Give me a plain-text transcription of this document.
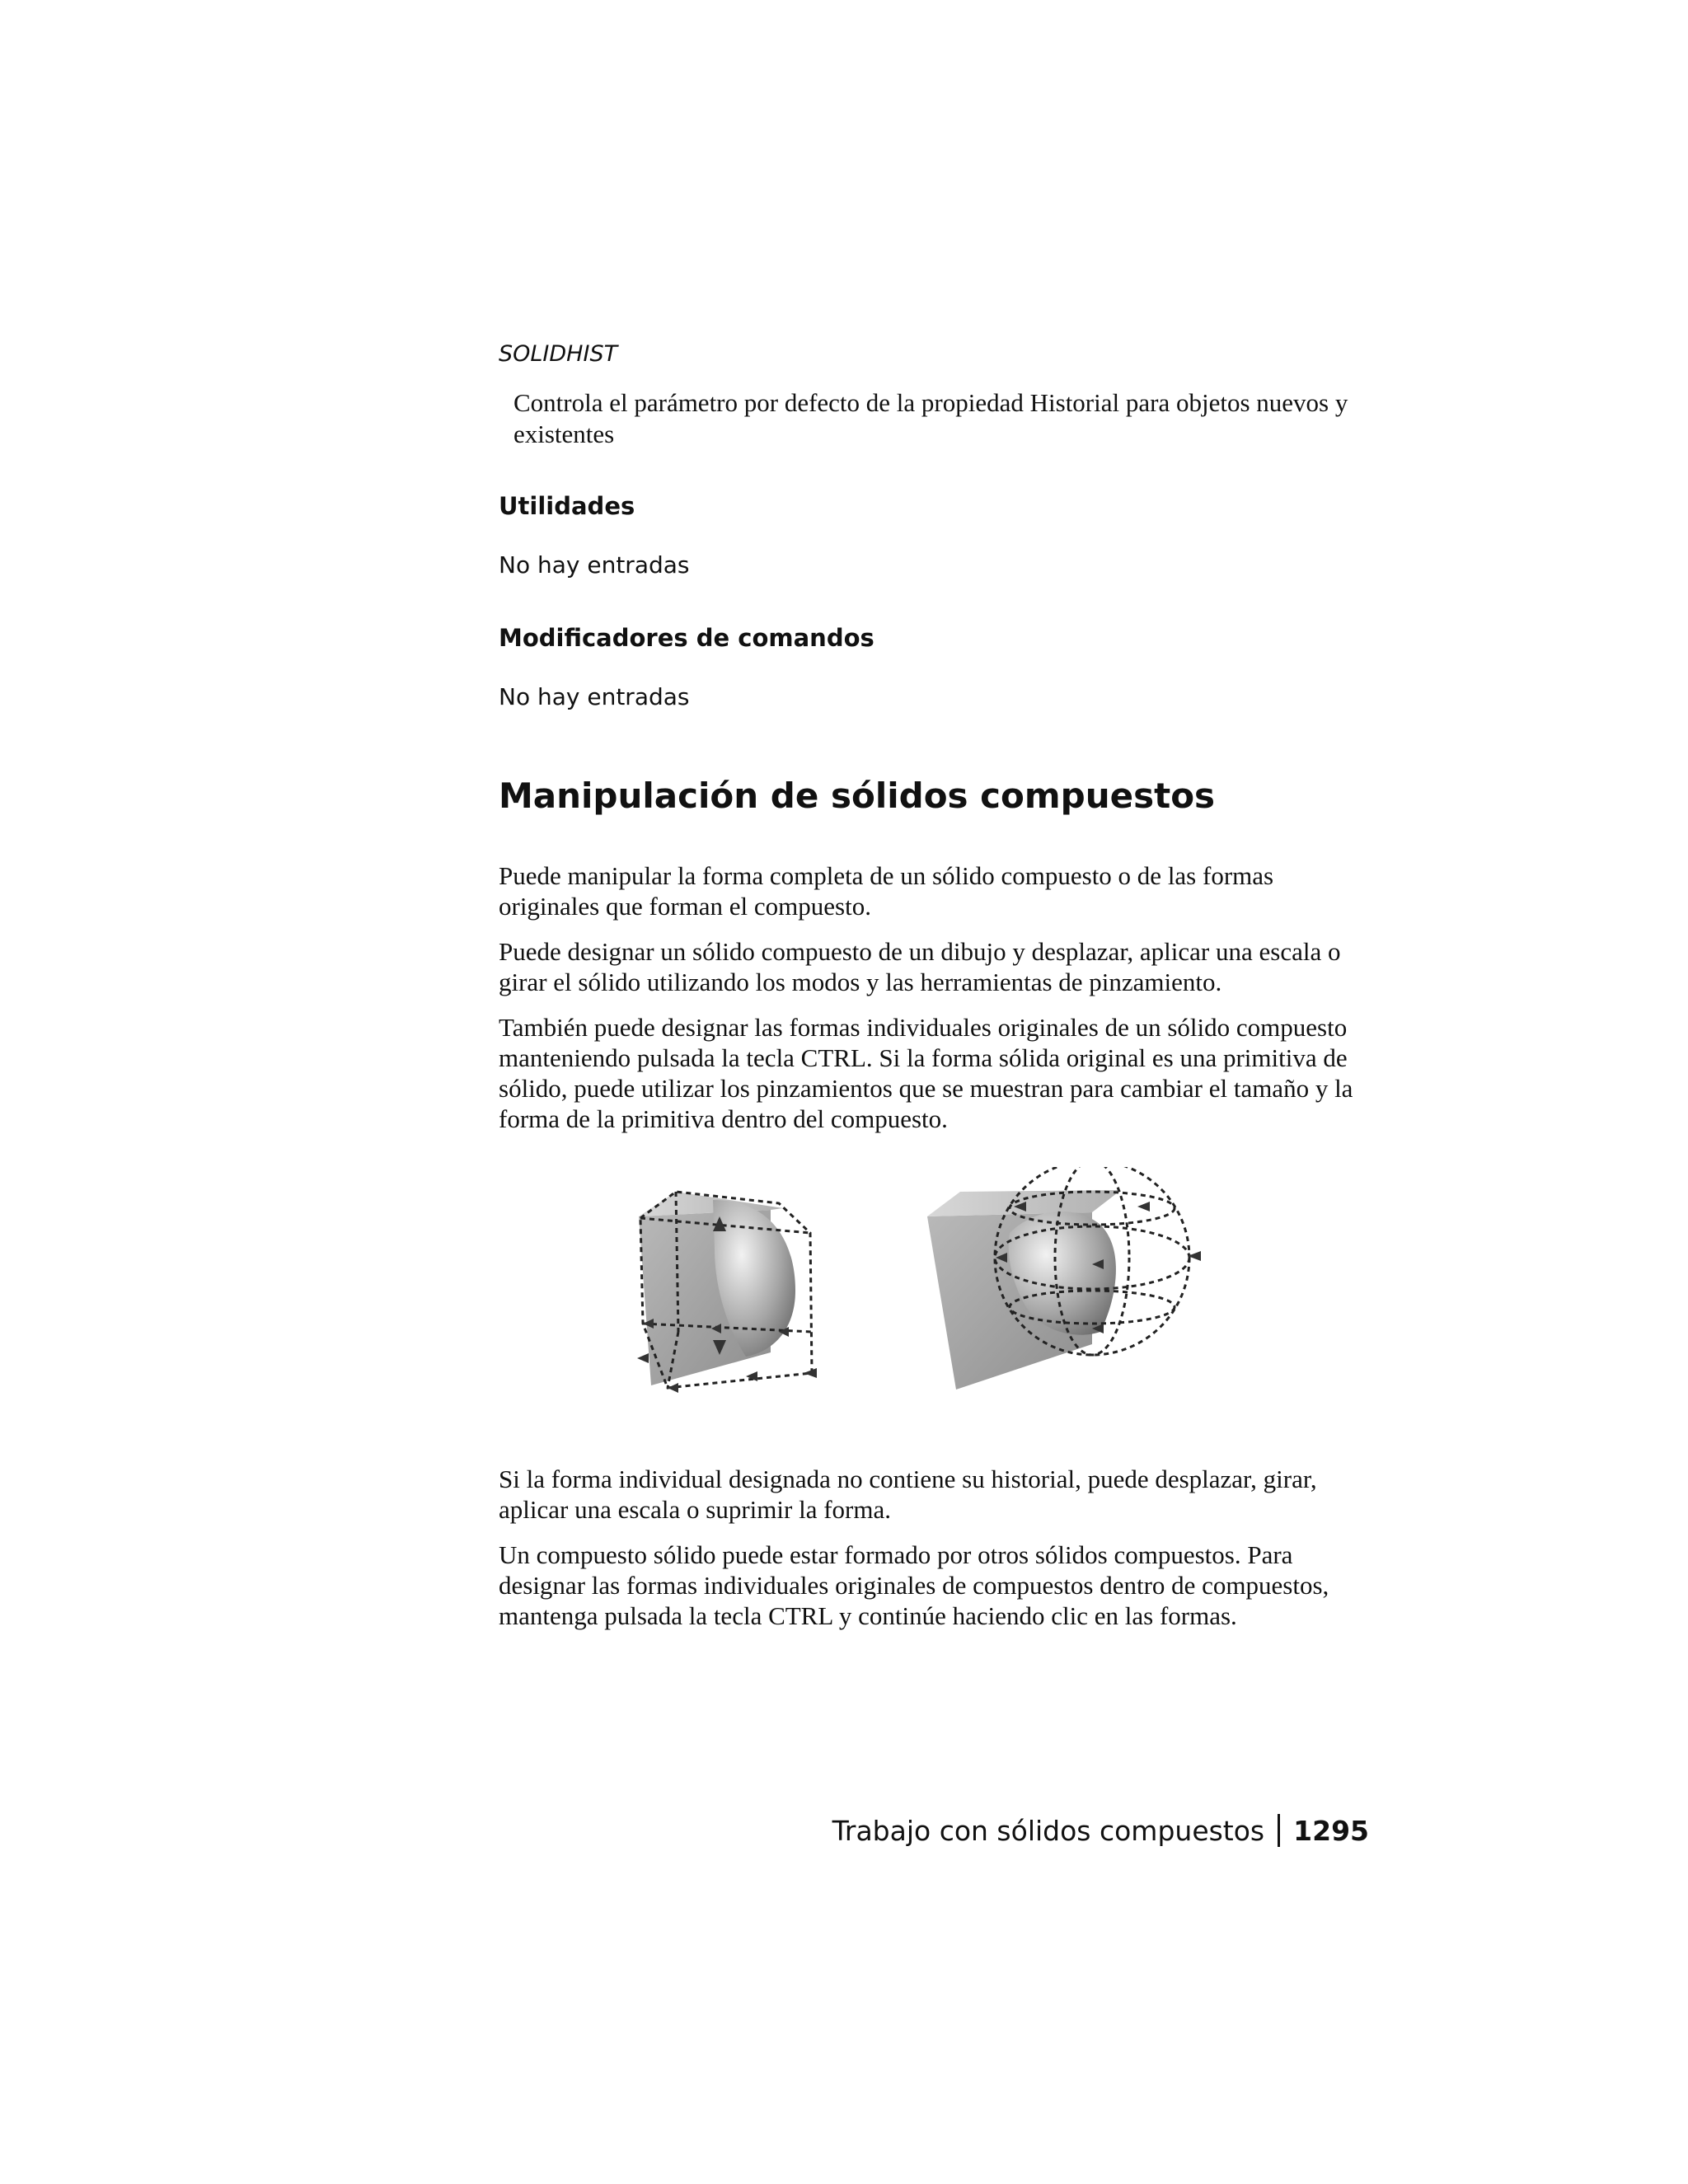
SOLIDHIST

Controla el parámetro por defecto de la propiedad Historial para objetos nuevos y existentes

Utilidades

No hay entradas

Modificadores de comandos

No hay entradas

Manipulación de sólidos compuestos

Puede manipular la forma completa de un sólido compuesto o de las formas originales que forman el compuesto.

Puede designar un sólido compuesto de un dibujo y desplazar, aplicar una escala o girar el sólido utilizando los modos y las herramientas de pinzamiento.

También puede designar las formas individuales originales de un sólido compuesto manteniendo pulsada la tecla CTRL. Si la forma sólida original es una primitiva de sólido, puede utilizar los pinzamientos que se muestran para cambiar el tamaño y la forma de la primitiva dentro del compuesto.

Si la forma individual designada no contiene su historial, puede desplazar, girar, aplicar una escala o suprimir la forma.

Un compuesto sólido puede estar formado por otros sólidos compuestos. Para designar las formas individuales originales de compuestos dentro de compuestos, mantenga pulsada la tecla CTRL y continúe haciendo clic en las formas.

Trabajo con sólidos compuestos 1295
